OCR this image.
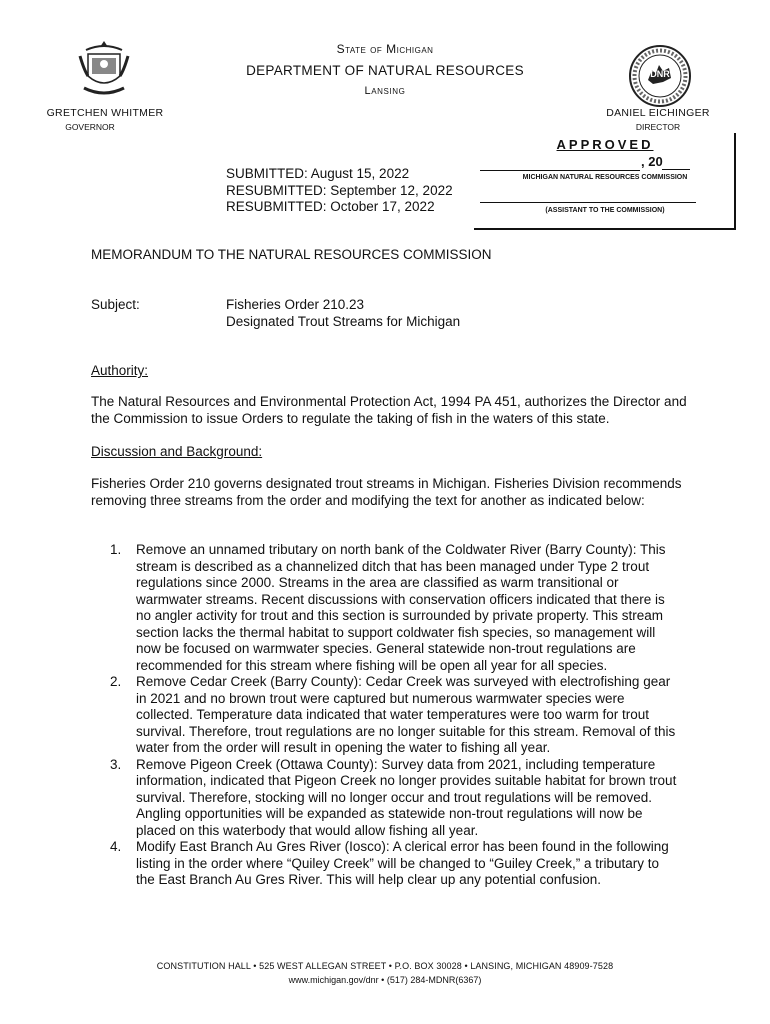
State of Michigan
DEPARTMENT OF NATURAL RESOURCES
Lansing
DNR
GRETCHEN WHITMER
GOVERNOR
DANIEL EICHINGER
DIRECTOR
APPROVED
, 20
MICHIGAN NATURAL RESOURCES COMMISSION
(ASSISTANT TO THE COMMISSION)
SUBMITTED: August 15, 2022
RESUBMITTED: September 12, 2022
RESUBMITTED: October 17, 2022
MEMORANDUM TO THE NATURAL RESOURCES COMMISSION
Subject:	Fisheries Order 210.23
Designated Trout Streams for Michigan
Authority:
The Natural Resources and Environmental Protection Act, 1994 PA 451, authorizes the Director and the Commission to issue Orders to regulate the taking of fish in the waters of this state.
Discussion and Background:
Fisheries Order 210 governs designated trout streams in Michigan. Fisheries Division recommends removing three streams from the order and modifying the text for another as indicated below:
1. Remove an unnamed tributary on north bank of the Coldwater River (Barry County): This stream is described as a channelized ditch that has been managed under Type 2 trout regulations since 2000. Streams in the area are classified as warm transitional or warmwater streams. Recent discussions with conservation officers indicated that there is no angler activity for trout and this section is surrounded by private property. This stream section lacks the thermal habitat to support coldwater fish species, so management will now be focused on warmwater species. General statewide non-trout regulations are recommended for this stream where fishing will be open all year for all species.
2. Remove Cedar Creek (Barry County): Cedar Creek was surveyed with electrofishing gear in 2021 and no brown trout were captured but numerous warmwater species were collected. Temperature data indicated that water temperatures were too warm for trout survival. Therefore, trout regulations are no longer suitable for this stream. Removal of this water from the order will result in opening the water to fishing all year.
3. Remove Pigeon Creek (Ottawa County): Survey data from 2021, including temperature information, indicated that Pigeon Creek no longer provides suitable habitat for brown trout survival. Therefore, stocking will no longer occur and trout regulations will be removed. Angling opportunities will be expanded as statewide non-trout regulations will now be placed on this waterbody that would allow fishing all year.
4. Modify East Branch Au Gres River (Iosco): A clerical error has been found in the following listing in the order where “Quiley Creek” will be changed to “Guiley Creek,” a tributary to the East Branch Au Gres River. This will help clear up any potential confusion.
CONSTITUTION HALL • 525 WEST ALLEGAN STREET • P.O. BOX 30028 • LANSING, MICHIGAN 48909-7528
www.michigan.gov/dnr • (517) 284-MDNR(6367)
